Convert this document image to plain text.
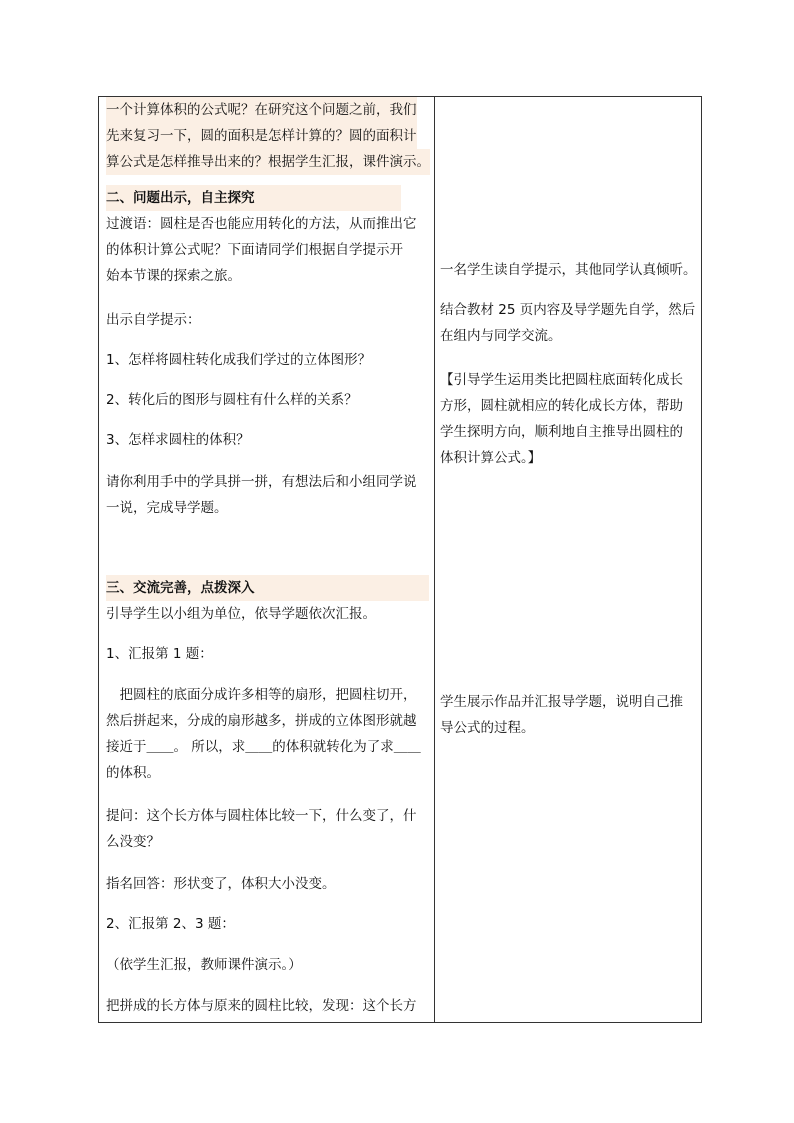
一个计算体积的公式呢？在研究这个问题之前，我们
先来复习一下，圆的面积是怎样计算的？圆的面积计
算公式是怎样推导出来的？根据学生汇报，课件演示。
二、问题出示，自主探究
过渡语：圆柱是否也能应用转化的方法，从而推出它
的体积计算公式呢？下面请同学们根据自学提示开
始本节课的探索之旅。
出示自学提示：
1、怎样将圆柱转化成我们学过的立体图形？
2、转化后的图形与圆柱有什么样的关系？
3、怎样求圆柱的体积？
请你利用手中的学具拼一拼，有想法后和小组同学说
一说，完成导学题。
三、交流完善，点拨深入
引导学生以小组为单位，依导学题依次汇报。
1、汇报第 1 题：
　把圆柱的底面分成许多相等的扇形，把圆柱切开，
然后拼起来，分成的扇形越多，拼成的立体图形就越
接近于＿＿。 所以，求＿＿的体积就转化为了求＿＿
的体积。
提问：这个长方体与圆柱体比较一下，什么变了，什
么没变？
指名回答：形状变了，体积大小没变。
2、汇报第 2、3 题：
（依学生汇报，教师课件演示。）
把拼成的长方体与原来的圆柱比较，发现：这个长方
一名学生读自学提示，其他同学认真倾听。
结合教材 25 页内容及导学题先自学，然后
在组内与同学交流。
【引导学生运用类比把圆柱底面转化成长
方形，圆柱就相应的转化成长方体，帮助
学生探明方向，顺利地自主推导出圆柱的
体积计算公式。】
学生展示作品并汇报导学题，说明自己推
导公式的过程。
